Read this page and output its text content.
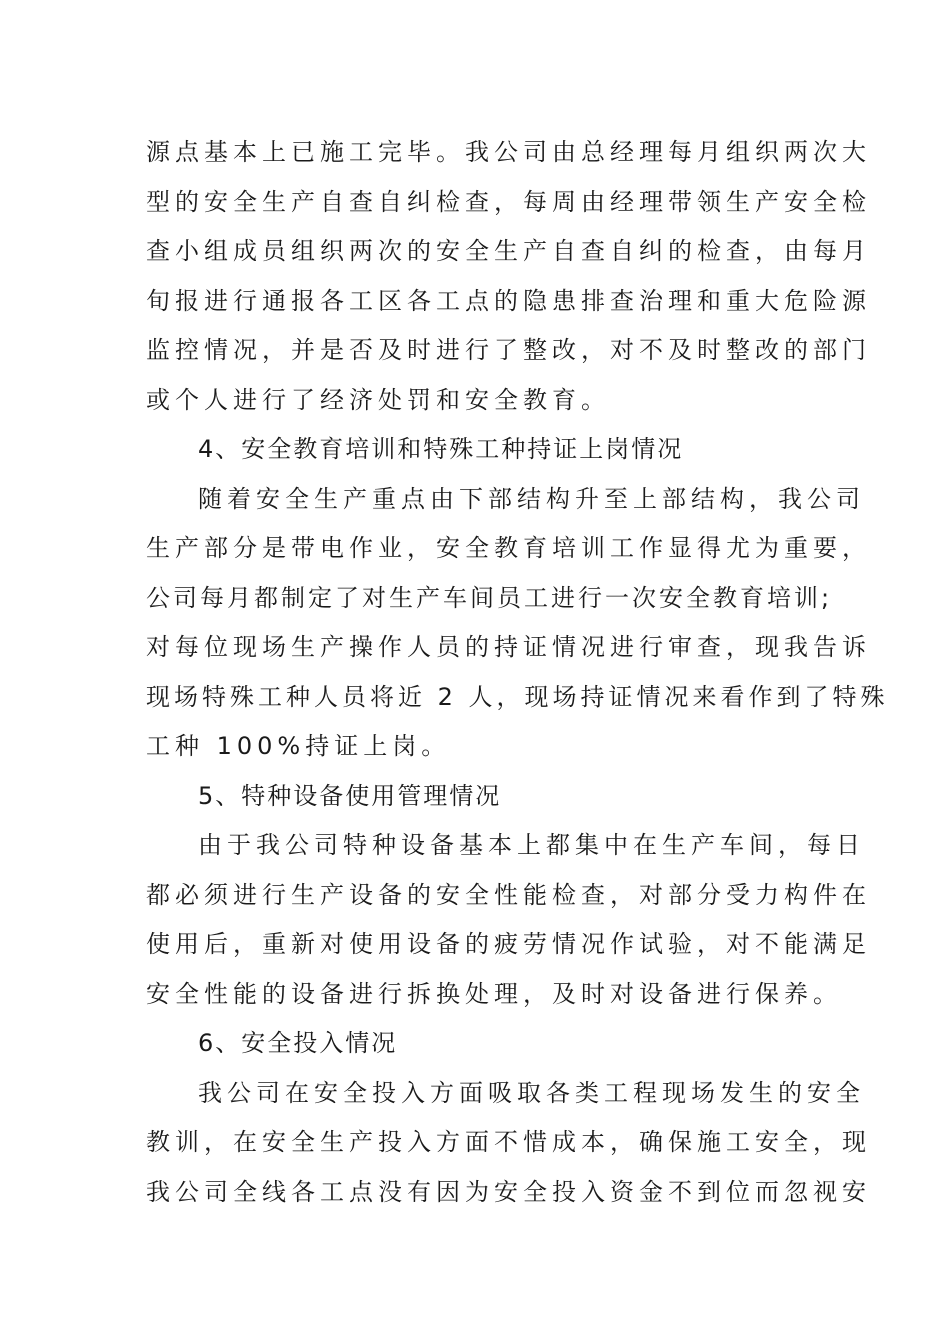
源点基本上已施工完毕。我公司由总经理每月组织两次大
型的安全生产自查自纠检查，每周由经理带领生产安全检
查小组成员组织两次的安全生产自查自纠的检查，由每月
旬报进行通报各工区各工点的隐患排查治理和重大危险源
监控情况，并是否及时进行了整改，对不及时整改的部门
或个人进行了经济处罚和安全教育。
4、安全教育培训和特殊工种持证上岗情况
随着安全生产重点由下部结构升至上部结构，我公司
生产部分是带电作业，安全教育培训工作显得尤为重要，
公司每月都制定了对生产车间员工进行一次安全教育培训;
对每位现场生产操作人员的持证情况进行审查，现我告诉
现场特殊工种人员将近 2 人，现场持证情况来看作到了特殊
工种 100%持证上岗。
5、特种设备使用管理情况
由于我公司特种设备基本上都集中在生产车间，每日
都必须进行生产设备的安全性能检查，对部分受力构件在
使用后，重新对使用设备的疲劳情况作试验，对不能满足
安全性能的设备进行拆换处理，及时对设备进行保养。
6、安全投入情况
我公司在安全投入方面吸取各类工程现场发生的安全
教训，在安全生产投入方面不惜成本，确保施工安全，现
我公司全线各工点没有因为安全投入资金不到位而忽视安
